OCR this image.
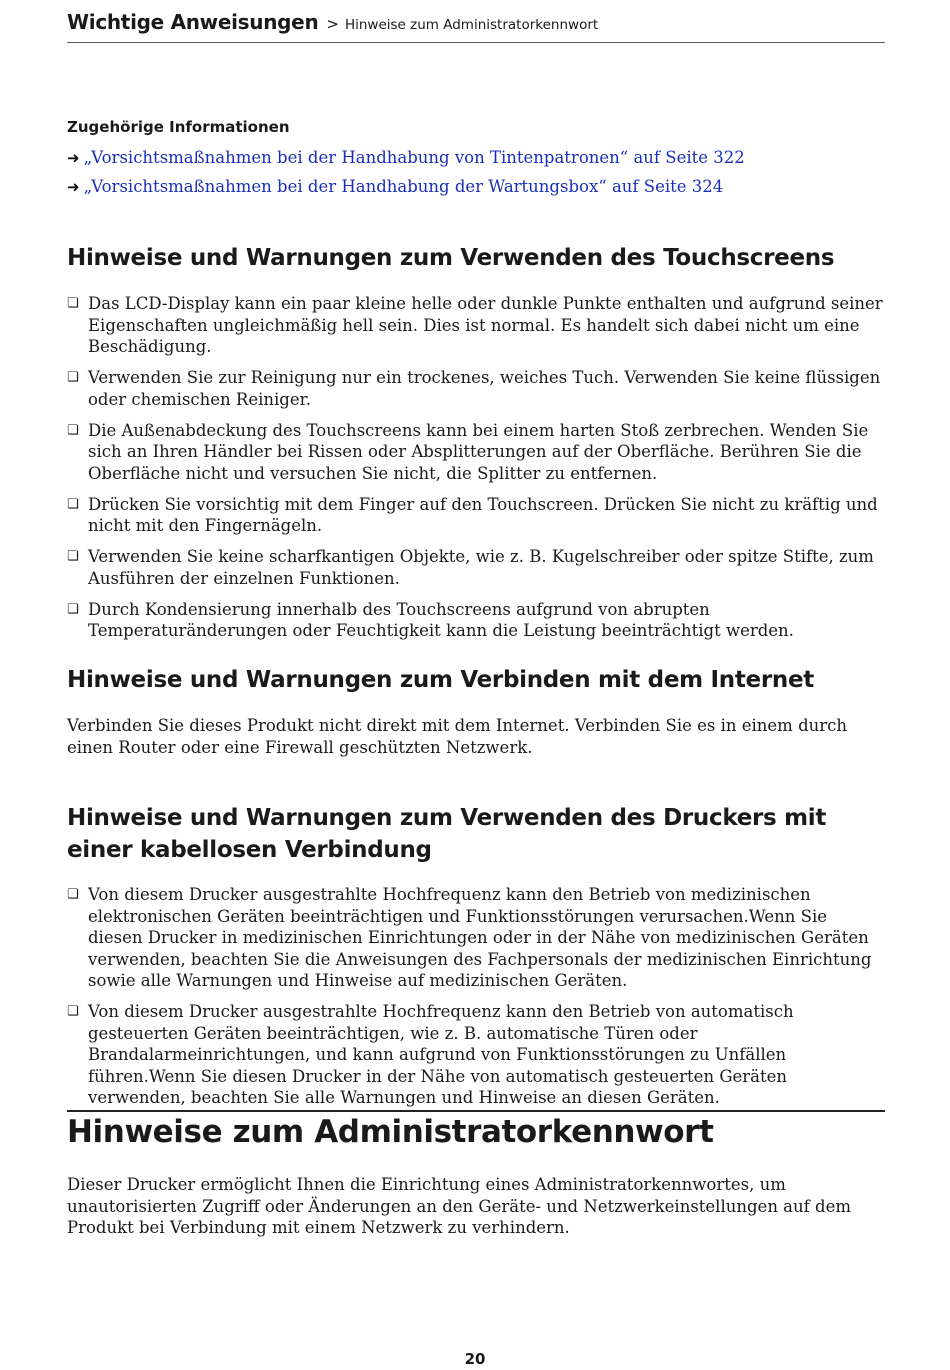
Wichtige Anweisungen > Hinweise zum Administratorkennwort
Zugehörige Informationen
➜ „Vorsichtsmaßnahmen bei der Handhabung von Tintenpatronen“ auf Seite 322
➜ „Vorsichtsmaßnahmen bei der Handhabung der Wartungsbox“ auf Seite 324
Hinweise und Warnungen zum Verwenden des Touchscreens
❏ Das LCD-Display kann ein paar kleine helle oder dunkle Punkte enthalten und aufgrund seiner Eigenschaften ungleichmäßig hell sein. Dies ist normal. Es handelt sich dabei nicht um eine Beschädigung.
❏ Verwenden Sie zur Reinigung nur ein trockenes, weiches Tuch. Verwenden Sie keine flüssigen oder chemischen Reiniger.
❏ Die Außenabdeckung des Touchscreens kann bei einem harten Stoß zerbrechen. Wenden Sie sich an Ihren Händler bei Rissen oder Absplitterungen auf der Oberfläche. Berühren Sie die Oberfläche nicht und versuchen Sie nicht, die Splitter zu entfernen.
❏ Drücken Sie vorsichtig mit dem Finger auf den Touchscreen. Drücken Sie nicht zu kräftig und nicht mit den Fingernägeln.
❏ Verwenden Sie keine scharfkantigen Objekte, wie z. B. Kugelschreiber oder spitze Stifte, zum Ausführen der einzelnen Funktionen.
❏ Durch Kondensierung innerhalb des Touchscreens aufgrund von abrupten Temperaturänderungen oder Feuchtigkeit kann die Leistung beeinträchtigt werden.
Hinweise und Warnungen zum Verbinden mit dem Internet

Verbinden Sie dieses Produkt nicht direkt mit dem Internet. Verbinden Sie es in einem durch einen Router oder eine Firewall geschützten Netzwerk.

Hinweise und Warnungen zum Verwenden des Druckers mit einer kabellosen Verbindung
❏ Von diesem Drucker ausgestrahlte Hochfrequenz kann den Betrieb von medizinischen elektronischen Geräten beeinträchtigen und Funktionsstörungen verursachen.Wenn Sie diesen Drucker in medizinischen Einrichtungen oder in der Nähe von medizinischen Geräten verwenden, beachten Sie die Anweisungen des Fachpersonals der medizinischen Einrichtung sowie alle Warnungen und Hinweise auf medizinischen Geräten.
❏ Von diesem Drucker ausgestrahlte Hochfrequenz kann den Betrieb von automatisch gesteuerten Geräten beeinträchtigen, wie z. B. automatische Türen oder Brandalarmeinrichtungen, und kann aufgrund von Funktionsstörungen zu Unfällen führen.Wenn Sie diesen Drucker in der Nähe von automatisch gesteuerten Geräten verwenden, beachten Sie alle Warnungen und Hinweise an diesen Geräten.
Hinweise zum Administratorkennwort

Dieser Drucker ermöglicht Ihnen die Einrichtung eines Administratorkennwortes, um unautorisierten Zugriff oder Änderungen an den Geräte- und Netzwerkeinstellungen auf dem Produkt bei Verbindung mit einem Netzwerk zu verhindern.

20
